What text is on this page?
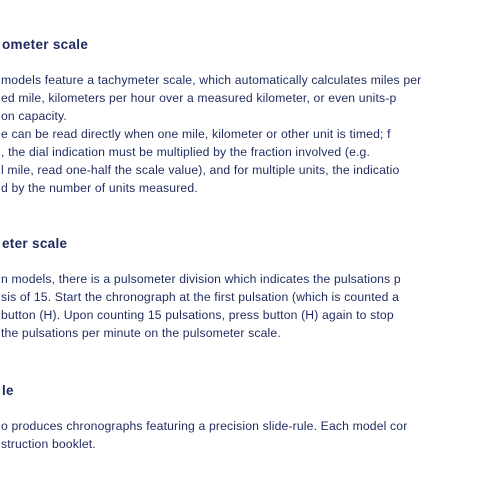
ometer scale

models feature a tachymeter scale, which automatically calculates miles per

ed mile, kilometers per hour over a measured kilometer, or even units-p

on capacity.

e can be read directly when one mile, kilometer or other unit is timed; f

, the dial indication must be multiplied by the fraction involved (e.g.

l mile, read one-half the scale value), and for multiple units, the indicatio

d by the number of units measured.

eter scale

n models, there is a pulsometer division which indicates the pulsations p

sis of 15. Start the chronograph at the first pulsation (which is counted a

button (H). Upon counting 15 pulsations, press button (H) again to stop

the pulsations per minute on the pulsometer scale.

le

o produces chronographs featuring a precision slide-rule. Each model cor

struction booklet.
